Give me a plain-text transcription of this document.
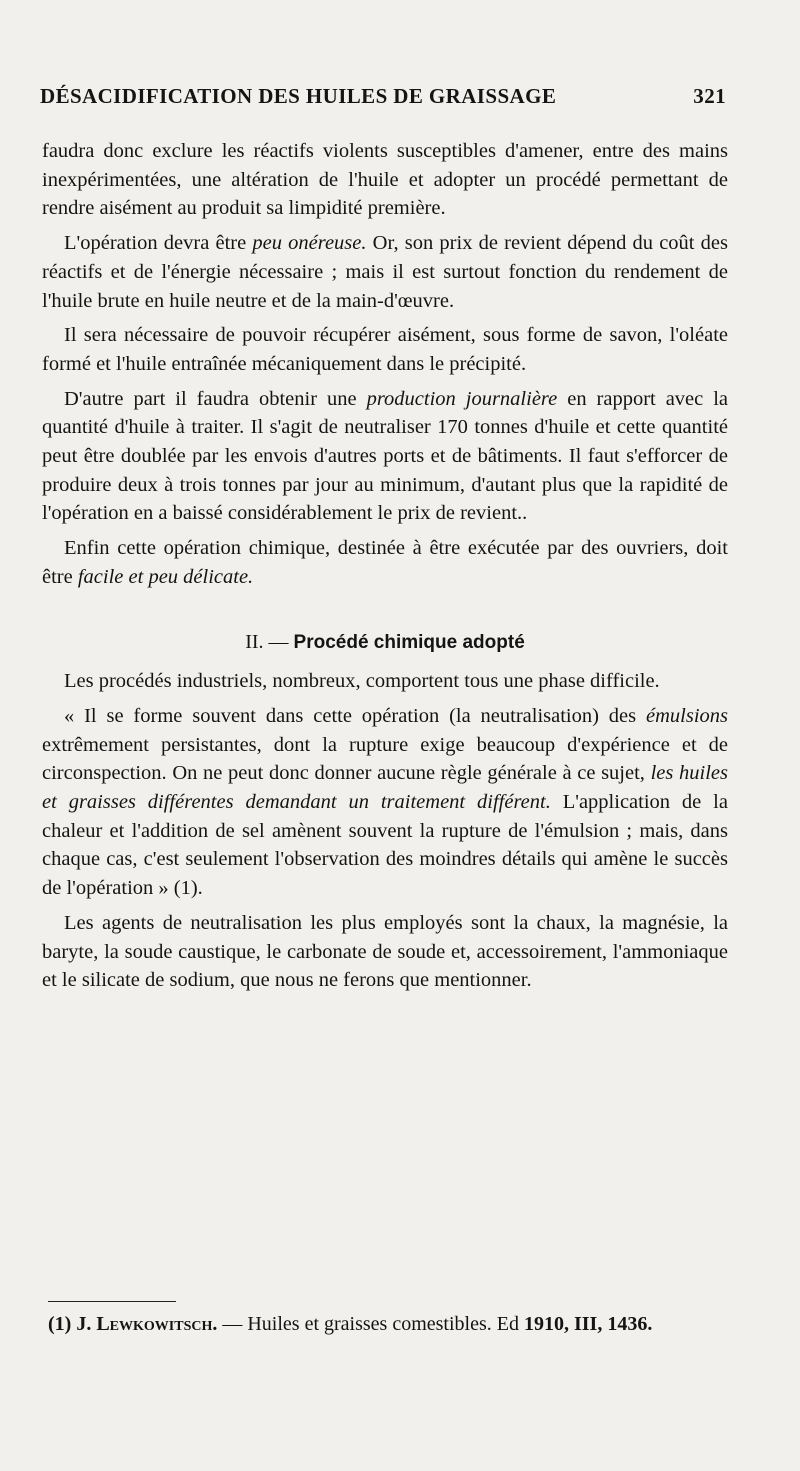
DÉSACIDIFICATION DES HUILES DE GRAISSAGE	321

faudra donc exclure les réactifs violents susceptibles d'amener, entre des mains inexpérimentées, une altération de l'huile et adopter un procédé permettant de rendre aisément au produit sa limpidité première.

L'opération devra être peu onéreuse. Or, son prix de revient dépend du coût des réactifs et de l'énergie nécessaire ; mais il est surtout fonction du rendement de l'huile brute en huile neutre et de la main-d'œuvre.

Il sera nécessaire de pouvoir récupérer aisément, sous forme de savon, l'oléate formé et l'huile entraînée mécaniquement dans le précipité.

D'autre part il faudra obtenir une production journalière en rapport avec la quantité d'huile à traiter. Il s'agit de neutraliser 170 tonnes d'huile et cette quantité peut être doublée par les envois d'autres ports et de bâtiments. Il faut s'efforcer de produire deux à trois tonnes par jour au minimum, d'autant plus que la rapidité de l'opération en a baissé considérablement le prix de revient..

Enfin cette opération chimique, destinée à être exécutée par des ouvriers, doit être facile et peu délicate.

II. — Procédé chimique adopté

Les procédés industriels, nombreux, comportent tous une phase difficile.

« Il se forme souvent dans cette opération (la neutralisation) des émulsions extrêmement persistantes, dont la rupture exige beaucoup d'expérience et de circonspection. On ne peut donc donner aucune règle générale à ce sujet, les huiles et graisses différentes demandant un traitement différent. L'application de la chaleur et l'addition de sel amènent souvent la rupture de l'émulsion ; mais, dans chaque cas, c'est seulement l'observation des moindres détails qui amène le succès de l'opération » (1).

Les agents de neutralisation les plus employés sont la chaux, la magnésie, la baryte, la soude caustique, le carbonate de soude et, accessoirement, l'ammoniaque et le silicate de sodium, que nous ne ferons que mentionner.

(1) J. Lewkowitsch. — Huiles et graisses comestibles. Ed 1910, III, 1436.
